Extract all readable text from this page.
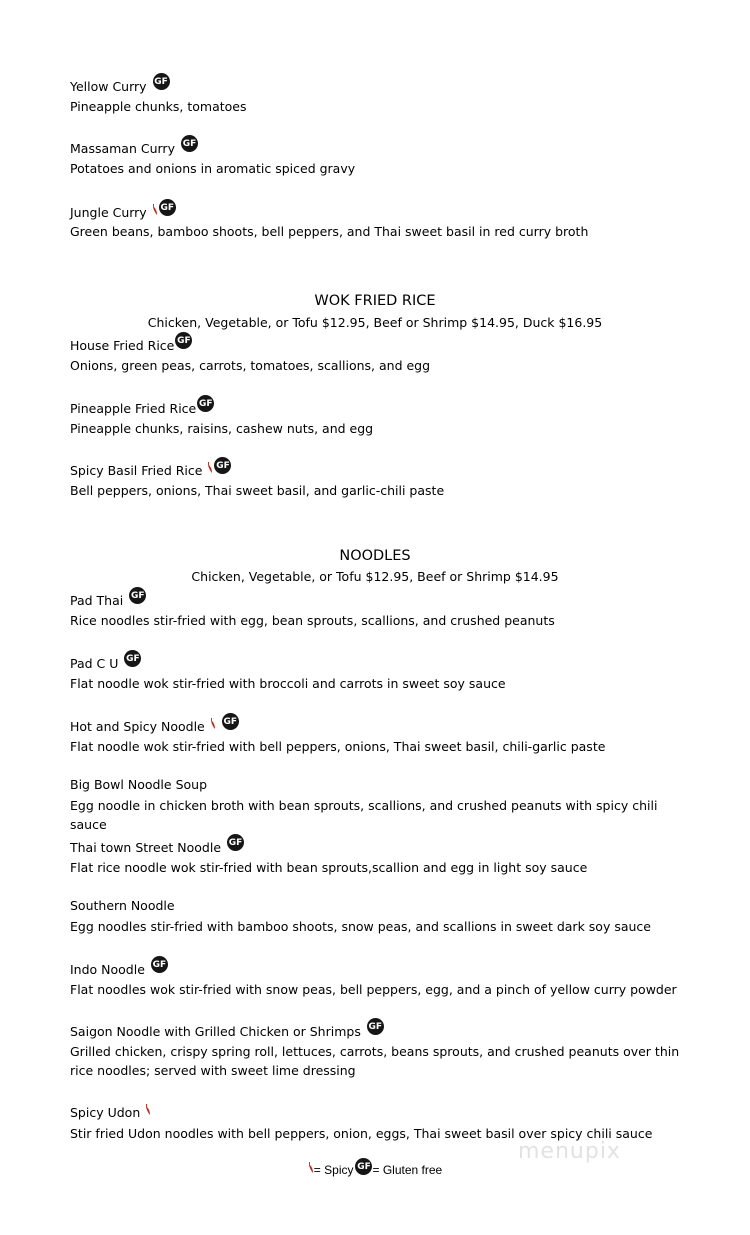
Yellow Curry GF
Pineapple chunks, tomatoes
Massaman Curry GF
Potatoes and onions in aromatic spiced gravy
Jungle Curry GF
Green beans, bamboo shoots, bell peppers, and Thai sweet basil in red curry broth
WOK FRIED RICE
Chicken, Vegetable, or Tofu $12.95, Beef or Shrimp $14.95, Duck $16.95
House Fried Rice GF
Onions, green peas, carrots, tomatoes, scallions, and egg
Pineapple Fried Rice GF
Pineapple chunks, raisins, cashew nuts, and egg
Spicy Basil Fried Rice GF
Bell peppers, onions, Thai sweet basil, and garlic-chili paste
NOODLES
Chicken, Vegetable, or Tofu $12.95, Beef or Shrimp $14.95
Pad Thai GF
Rice noodles stir-fried with egg, bean sprouts, scallions, and crushed peanuts
Pad C U GF
Flat noodle wok stir-fried with broccoli and carrots in sweet soy sauce
Hot and Spicy Noodle GF
Flat noodle wok stir-fried with bell peppers, onions, Thai sweet basil, chili-garlic paste
Big Bowl Noodle Soup
Egg noodle in chicken broth with bean sprouts, scallions, and crushed peanuts with spicy chili sauce
Thai town Street Noodle GF
Flat rice noodle wok stir-fried with bean sprouts,scallion and egg in light soy sauce
Southern Noodle
Egg noodles stir-fried with bamboo shoots, snow peas, and scallions in sweet dark soy sauce
Indo Noodle GF
Flat noodles wok stir-fried with snow peas, bell peppers, egg, and a pinch of yellow curry powder
Saigon Noodle with Grilled Chicken or Shrimps GF
Grilled chicken, crispy spring roll, lettuces, carrots, beans sprouts, and crushed peanuts over thin rice noodles; served with sweet lime dressing
Spicy Udon
Stir fried Udon noodles with bell peppers, onion, eggs, Thai sweet basil over spicy chili sauce
menupix
= Spicy GF = Gluten free
